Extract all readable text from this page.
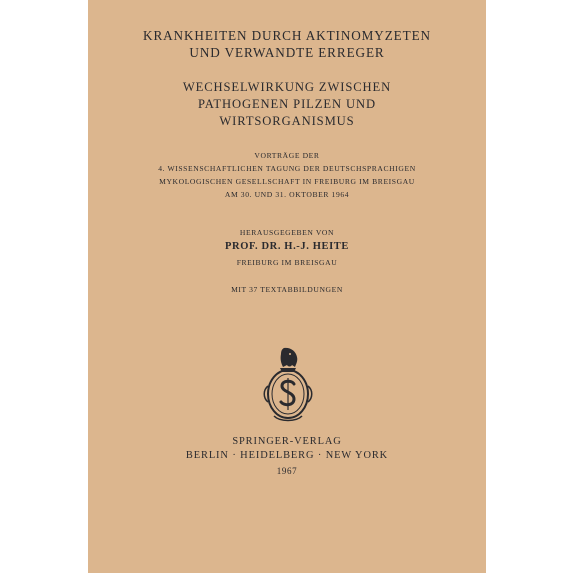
KRANKHEITEN DURCH AKTINOMYZETEN
UND VERWANDTE ERREGER
WECHSELWIRKUNG ZWISCHEN
PATHOGENEN PILZEN UND
WIRTSORGANISMUS
VORTRÄGE DER
4. WISSENSCHAFTLICHEN TAGUNG DER DEUTSCHSPRACHIGEN
MYKOLOGISCHEN GESELLSCHAFT IN FREIBURG IM BREISGAU
AM 30. UND 31. OKTOBER 1964
HERAUSGEGEBEN VON
PROF. DR. H.-J. HEITE
FREIBURG IM BREISGAU
MIT 37 TEXTABBILDUNGEN
SPRINGER-VERLAG
BERLIN · HEIDELBERG · NEW YORK
1967
